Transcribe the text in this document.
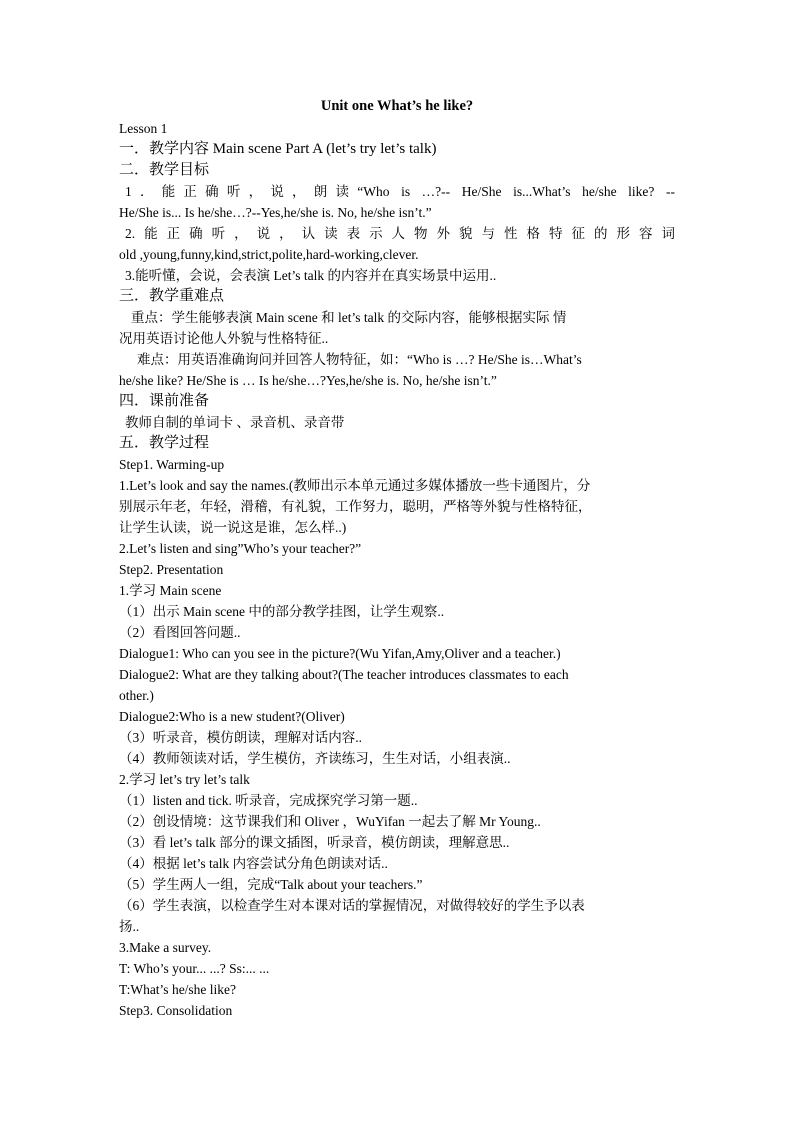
Unit one What’s he like?

Lesson 1

一．教学内容 Main scene Part A (let’s try let’s talk)

二．教学目标

1．能正确听，说，朗读“Who is …?-- He/She is...What’s he/she like? --

He/She is... Is he/she…?--Yes,he/she is. No, he/she isn’t.”

2.能正确听，说，认读表示人物外貌与性格特征的形容词

old ,young,funny,kind,strict,polite,hard-working,clever.

3.能听懂，会说，会表演 Let’s talk 的内容并在真实场景中运用..

三．教学重难点

重点：学生能够表演 Main scene 和 let’s talk 的交际内容，能够根据实际 情

况用英语讨论他人外貌与性格特征..

难点：用英语准确询问并回答人物特征，如：“Who is …? He/She is…What’s

he/she like? He/She is … Is he/she…?Yes,he/she is. No, he/she isn’t.”

四．课前准备

教师自制的单词卡 、录音机、录音带

五．教学过程

Step1. Warming-up

1.Let’s look and say the names.(教师出示本单元通过多媒体播放一些卡通图片，分

别展示年老，年轻，滑稽，有礼貌，工作努力，聪明，严格等外貌与性格特征，

让学生认读，说一说这是谁，怎么样..)

2.Let’s listen and sing”Who’s your teacher?”

Step2. Presentation

1.学习 Main scene

（1）出示 Main scene 中的部分教学挂图，让学生观察..

（2）看图回答问题..

Dialogue1: Who can you see in the picture?(Wu Yifan,Amy,Oliver and a teacher.)

Dialogue2: What are they talking about?(The teacher introduces classmates to each

other.)

Dialogue2:Who is a new student?(Oliver)

（3）听录音，模仿朗读，理解对话内容..

（4）教师领读对话，学生模仿，齐读练习，生生对话，小组表演..

2.学习 let’s try let’s talk

（1）listen and tick. 听录音，完成探究学习第一题..

（2）创设情境：这节课我们和 Oliver ，WuYifan 一起去了解 Mr Young..

（3）看 let’s talk 部分的课文插图，听录音，模仿朗读，理解意思..

（4）根据 let’s talk 内容尝试分角色朗读对话..

（5）学生两人一组，完成“Talk about your teachers.”

（6）学生表演，以检查学生对本课对话的掌握情况，对做得较好的学生予以表

扬..

3.Make a survey.

T: Who’s your... ...? Ss:... ...

T:What’s he/she like?

Step3. Consolidation
